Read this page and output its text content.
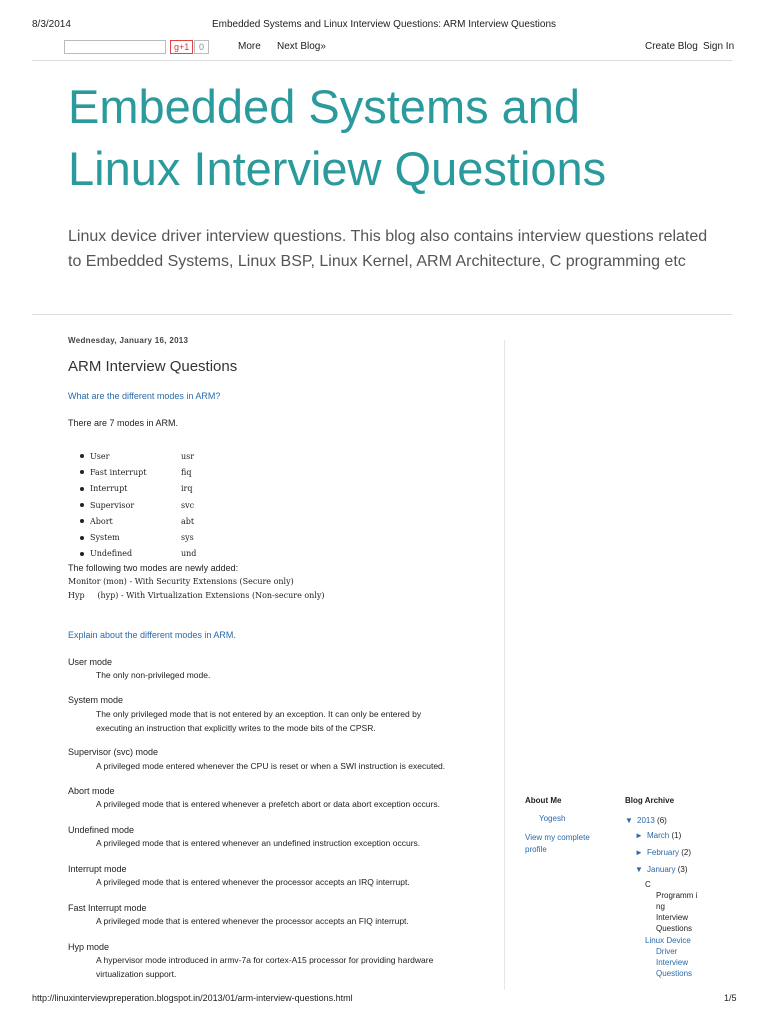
8/3/2014	Embedded Systems and Linux Interview Questions: ARM Interview Questions
g+1	0	More Next Blog»	Create Blog Sign In
Embedded Systems and
Linux Interview Questions
Linux device driver interview questions. This blog also contains interview questions related to Embedded Systems, Linux BSP, Linux Kernel, ARM Architecture, C programming etc
Wednesday, January 16, 2013
ARM Interview Questions
What are the different modes in ARM?
There are 7 modes in ARM.
User	usr
Fast interrupt	fiq
Interrupt	irq
Supervisor	svc
Abort	abt
System	sys
Undefined	und
The following two modes are newly added:
Monitor (mon) - With Security Extensions (Secure only)
Hyp     (hyp) - With Virtualization Extensions (Non-secure only)
Explain about the different modes in ARM.
User mode
The only non-privileged mode.
System mode
The only privileged mode that is not entered by an exception. It can only be entered by
executing an instruction that explicitly writes to the mode bits of the CPSR.
Supervisor (svc) mode
A privileged mode entered whenever the CPU is reset or when a SWI instruction is executed.
Abort mode
A privileged mode that is entered whenever a prefetch abort or data abort exception occurs.
Undefined mode
A privileged mode that is entered whenever an undefined instruction exception occurs.
Interrupt mode
A privileged mode that is entered whenever the processor accepts an IRQ interrupt.
Fast Interrupt mode
A privileged mode that is entered whenever the processor accepts an FIQ interrupt.
Hyp mode
A hypervisor mode introduced in armv-7a for cortex-A15 processor for providing hardware
virtualization support.
About Me
Yogesh
View my complete
profile
Blog Archive
▼ 2013 (6)
► March (1)
► February (2)
▼ January (3)
C
Programm i
ng
Interview
Questions
Linux Device
Driver
Interview
Questions
http://linuxinterviewpreperation.blogspot.in/2013/01/arm-interview-questions.html	1/5
